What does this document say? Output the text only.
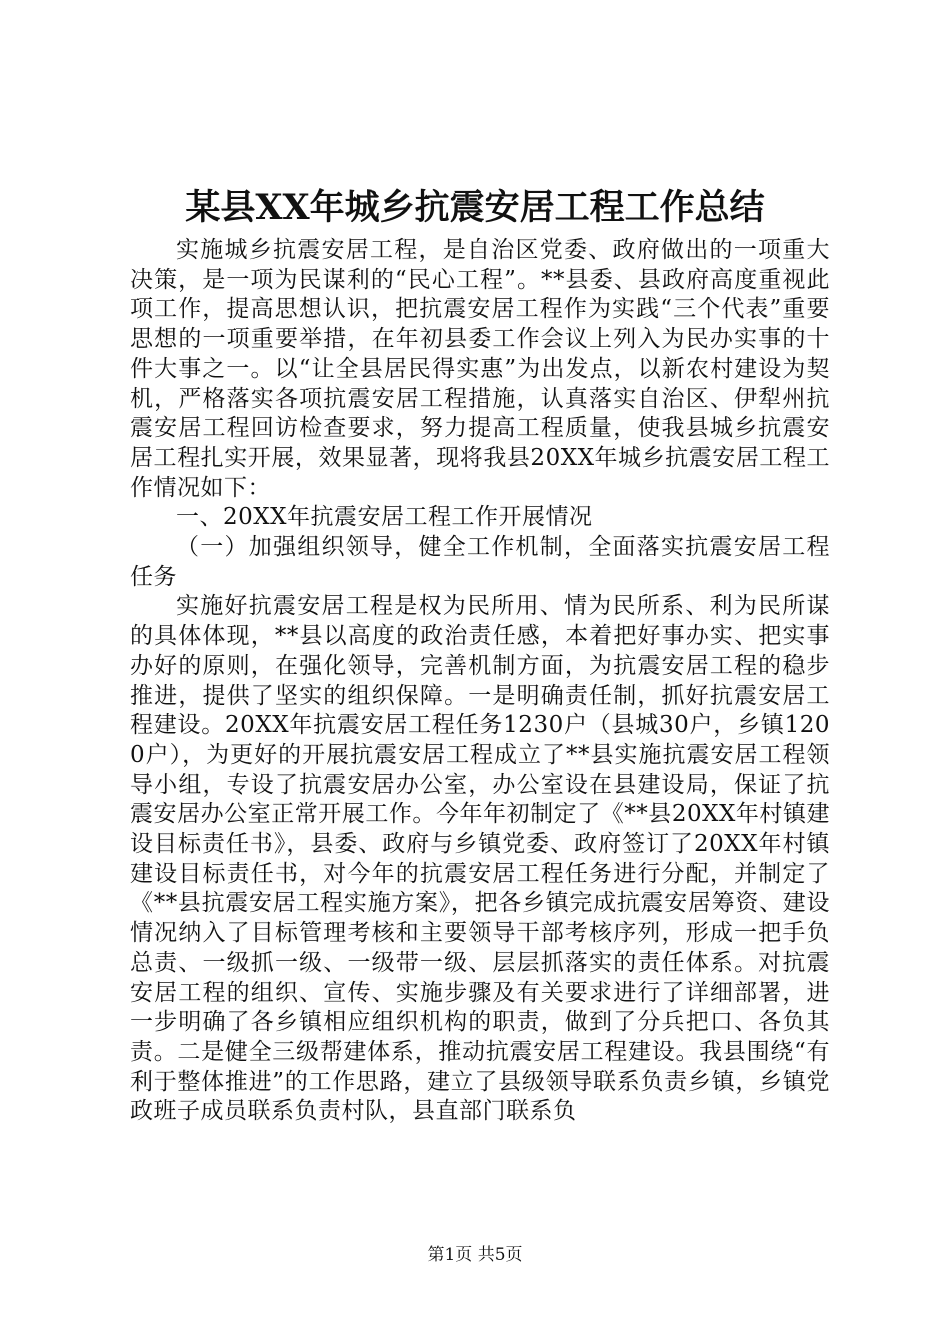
某县XX年城乡抗震安居工程工作总结

实施城乡抗震安居工程，是自治区党委、政府做出的一项重大决策，是一项为民谋利的“民心工程”。**县委、县政府高度重视此项工作，提高思想认识，把抗震安居工程作为实践“三个代表”重要思想的一项重要举措，在年初县委工作会议上列入为民办实事的十件大事之一。以“让全县居民得实惠”为出发点，以新农村建设为契机，严格落实各项抗震安居工程措施，认真落实自治区、伊犁州抗震安居工程回访检查要求，努力提高工程质量，使我县城乡抗震安居工程扎实开展，效果显著，现将我县20XX年城乡抗震安居工程工作情况如下：

一、20XX年抗震安居工程工作开展情况

（一）加强组织领导，健全工作机制，全面落实抗震安居工程任务

实施好抗震安居工程是权为民所用、情为民所系、利为民所谋的具体体现，**县以高度的政治责任感，本着把好事办实、把实事办好的原则，在强化领导，完善机制方面，为抗震安居工程的稳步推进，提供了坚实的组织保障。一是明确责任制，抓好抗震安居工程建设。20XX年抗震安居工程任务1230户（县城30户，乡镇1200户），为更好的开展抗震安居工程成立了**县实施抗震安居工程领导小组，专设了抗震安居办公室，办公室设在县建设局，保证了抗震安居办公室正常开展工作。今年年初制定了《**县20XX年村镇建设目标责任书》，县委、政府与乡镇党委、政府签订了20XX年村镇建设目标责任书，对今年的抗震安居工程任务进行分配，并制定了《**县抗震安居工程实施方案》，把各乡镇完成抗震安居筹资、建设情况纳入了目标管理考核和主要领导干部考核序列，形成一把手负总责、一级抓一级、一级带一级、层层抓落实的责任体系。对抗震安居工程的组织、宣传、实施步骤及有关要求进行了详细部署，进一步明确了各乡镇相应组织机构的职责，做到了分兵把口、各负其责。二是健全三级帮建体系，推动抗震安居工程建设。我县围绕“有利于整体推进”的工作思路，建立了县级领导联系负责乡镇，乡镇党政班子成员联系负责村队，县直部门联系负

第1页 共5页
